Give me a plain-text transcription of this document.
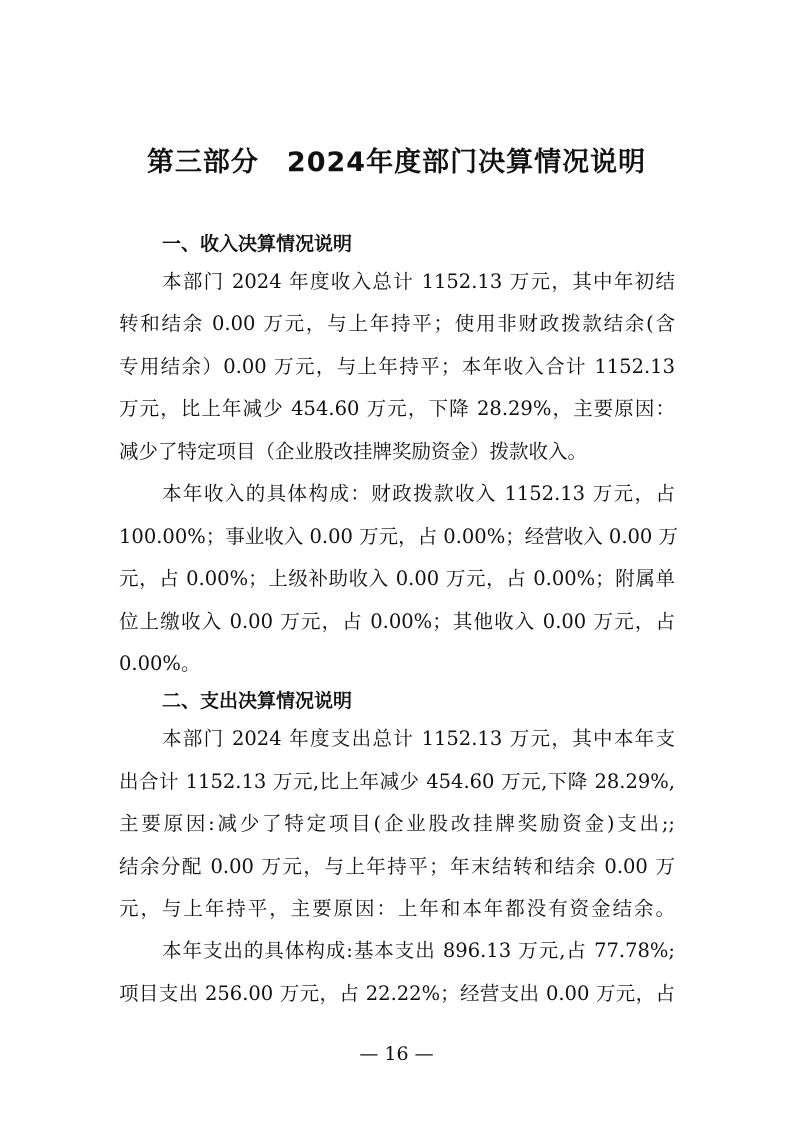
第三部分　2024年度部门决算情况说明
一、收入决算情况说明
本部门 2024 年度收入总计 1152.13 万元，其中年初结
转和结余 0.00 万元，与上年持平；使用非财政拨款结余(含
专用结余）0.00 万元，与上年持平；本年收入合计 1152.13
万元，比上年减少 454.60 万元，下降 28.29%，主要原因：
减少了特定项目（企业股改挂牌奖励资金）拨款收入。
本年收入的具体构成：财政拨款收入 1152.13 万元，占
100.00%；事业收入 0.00 万元，占 0.00%；经营收入 0.00 万
元，占 0.00%；上级补助收入 0.00 万元，占 0.00%；附属单
位上缴收入 0.00 万元，占 0.00%；其他收入 0.00 万元，占
0.00%。
二、支出决算情况说明
本部门 2024 年度支出总计 1152.13 万元，其中本年支
出合计 1152.13 万元,比上年减少 454.60 万元,下降 28.29%,
主要原因:减少了特定项目(企业股改挂牌奖励资金)支出;;
结余分配 0.00 万元，与上年持平；年末结转和结余 0.00 万
元，与上年持平，主要原因：上年和本年都没有资金结余。
本年支出的具体构成:基本支出 896.13 万元,占 77.78%;
项目支出 256.00 万元，占 22.22%；经营支出 0.00 万元，占
— 16 —
